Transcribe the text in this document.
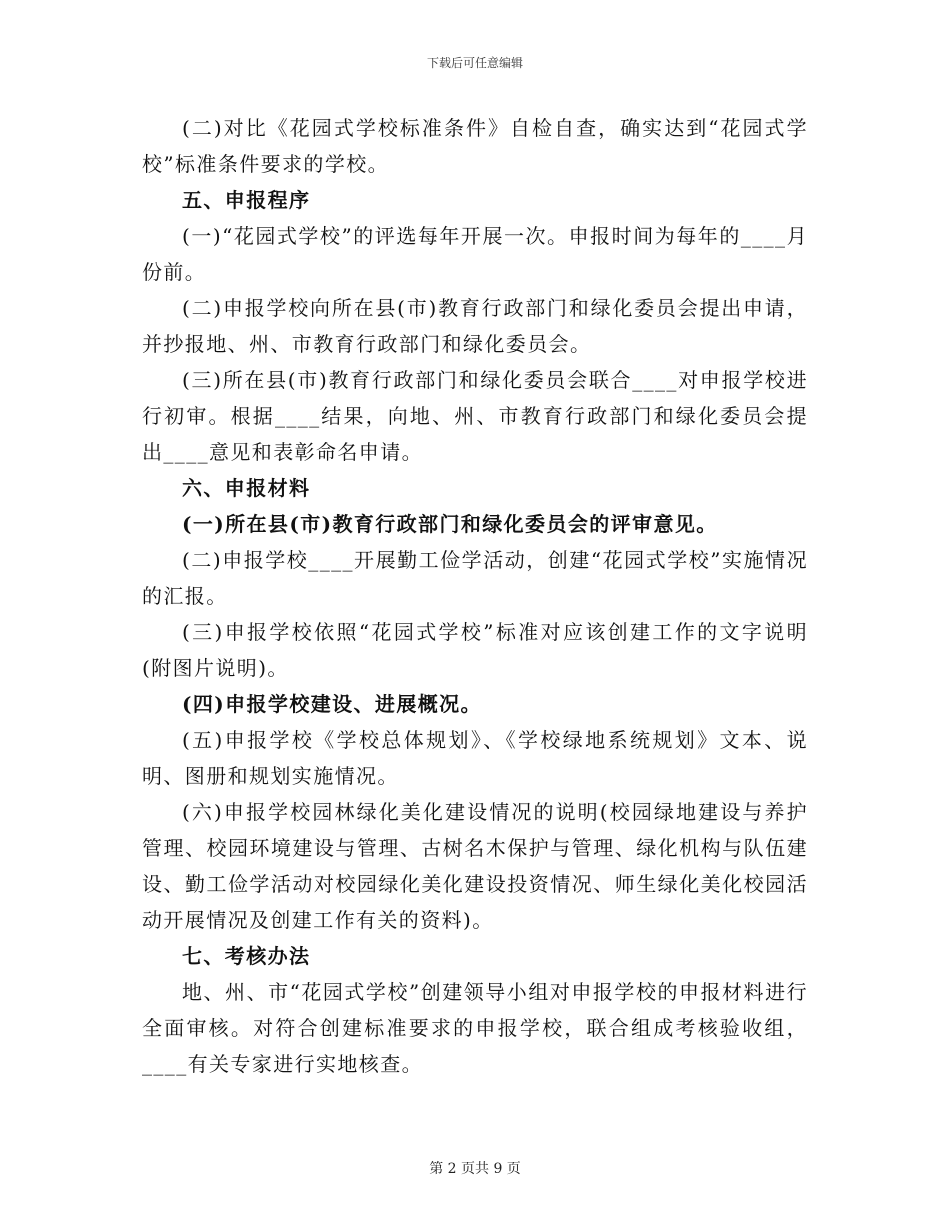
下载后可任意编辑

(二)对比《花园式学校标准条件》自检自查，确实达到“花园式学校”标准条件要求的学校。

五、申报程序

(一)“花园式学校”的评选每年开展一次。申报时间为每年的____月份前。

(二)申报学校向所在县(市)教育行政部门和绿化委员会提出申请，并抄报地、州、市教育行政部门和绿化委员会。

(三)所在县(市)教育行政部门和绿化委员会联合____对申报学校进行初审。根据____结果，向地、州、市教育行政部门和绿化委员会提出____意见和表彰命名申请。

六、申报材料

(一)所在县(市)教育行政部门和绿化委员会的评审意见。

(二)申报学校____开展勤工俭学活动，创建“花园式学校”实施情况的汇报。

(三)申报学校依照“花园式学校”标准对应该创建工作的文字说明(附图片说明)。

(四)申报学校建设、进展概况。

(五)申报学校《学校总体规划》、《学校绿地系统规划》文本、说明、图册和规划实施情况。

(六)申报学校园林绿化美化建设情况的说明(校园绿地建设与养护管理、校园环境建设与管理、古树名木保护与管理、绿化机构与队伍建设、勤工俭学活动对校园绿化美化建设投资情况、师生绿化美化校园活动开展情况及创建工作有关的资料)。

七、考核办法

地、州、市“花园式学校”创建领导小组对申报学校的申报材料进行全面审核。对符合创建标准要求的申报学校，联合组成考核验收组，____有关专家进行实地核查。

第 2 页共 9 页
